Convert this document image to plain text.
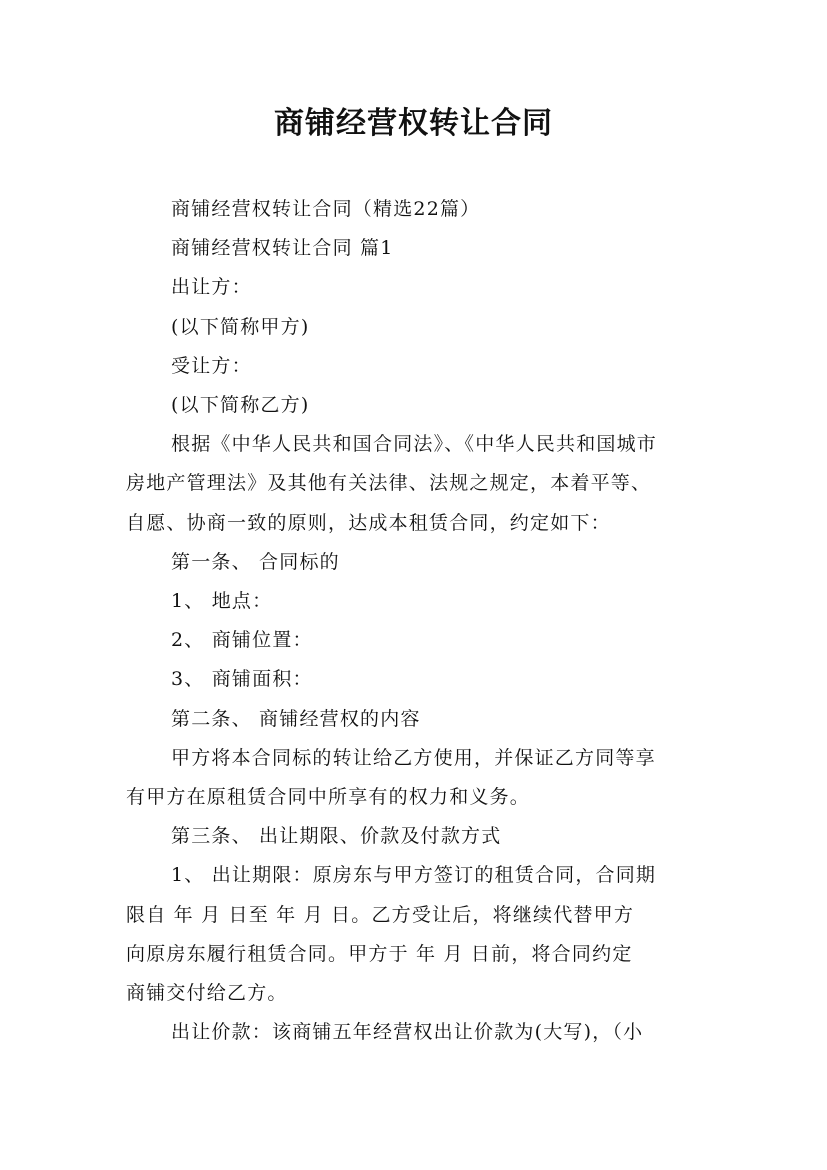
商铺经营权转让合同

商铺经营权转让合同（精选22篇）

商铺经营权转让合同 篇1

出让方：

(以下简称甲方)

受让方：

(以下简称乙方)

根据《中华人民共和国合同法》、《中华人民共和国城市

房地产管理法》及其他有关法律、法规之规定，本着平等、

自愿、协商一致的原则，达成本租赁合同，约定如下：

第一条、 合同标的

1、 地点：

2、 商铺位置：

3、 商铺面积：

第二条、 商铺经营权的内容

甲方将本合同标的转让给乙方使用，并保证乙方同等享

有甲方在原租赁合同中所享有的权力和义务。

第三条、 出让期限、价款及付款方式

1、 出让期限：原房东与甲方签订的租赁合同，合同期

限自 年 月 日至 年 月 日。乙方受让后，将继续代替甲方

向原房东履行租赁合同。甲方于 年 月 日前，将合同约定

商铺交付给乙方。

出让价款：该商铺五年经营权出让价款为(大写)，（小
